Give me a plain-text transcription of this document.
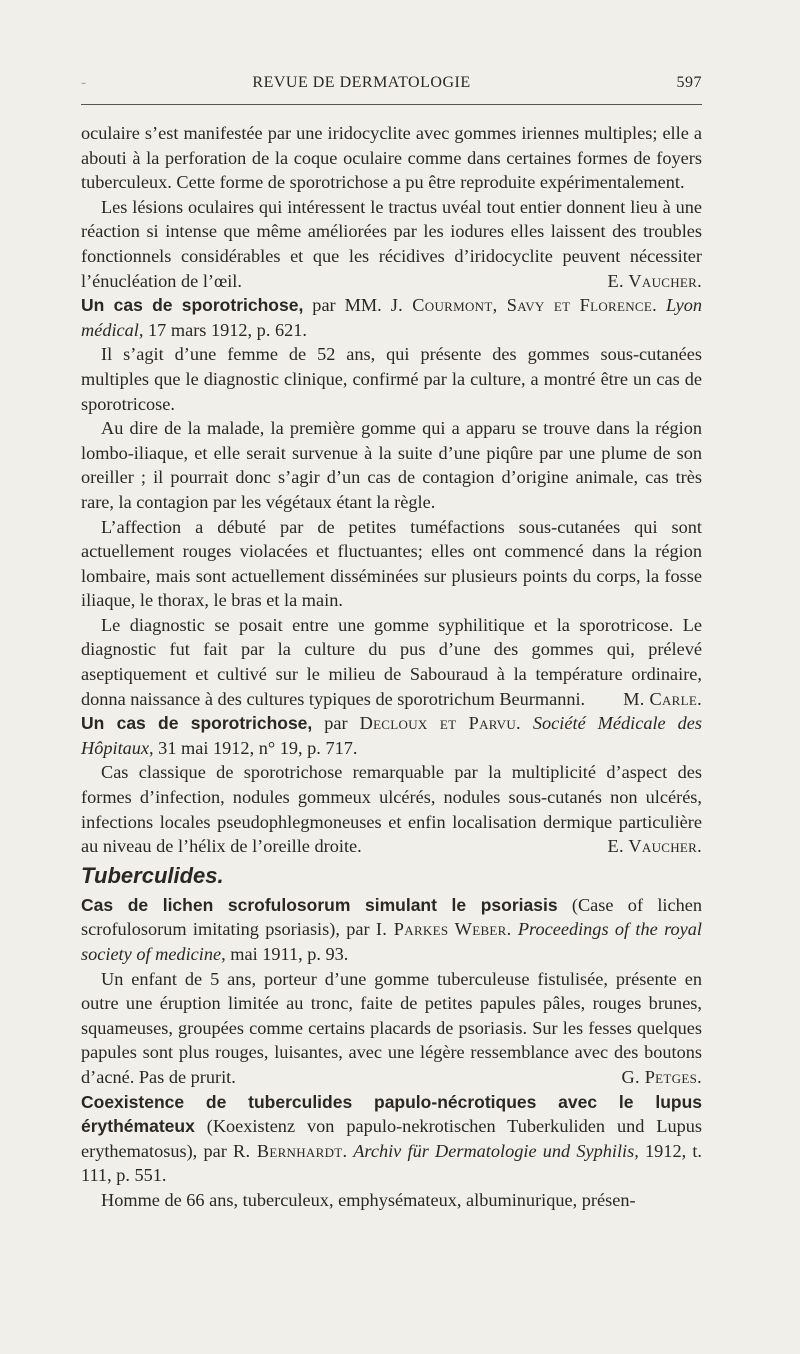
-	REVUE DE DERMATOLOGIE	597

oculaire s’est manifestée par une iridocyclite avec gommes iriennes multiples; elle a abouti à la perforation de la coque oculaire comme dans certaines formes de foyers tuberculeux. Cette forme de sporotrichose a pu être reproduite expérimentalement.

Les lésions oculaires qui intéressent le tractus uvéal tout entier donnent lieu à une réaction si intense que même améliorées par les iodures elles laissent des troubles fonctionnels considérables et que les récidives d’iridocyclite peuvent nécessiter l’énucléation de l’œil.	E. Vaucher.

Un cas de sporotrichose, par MM. J. Courmont, Savy et Florence. Lyon médical, 17 mars 1912, p. 621.

Il s’agit d’une femme de 52 ans, qui présente des gommes sous-cutanées multiples que le diagnostic clinique, confirmé par la culture, a montré être un cas de sporotricose.

Au dire de la malade, la première gomme qui a apparu se trouve dans la région lombo-iliaque, et elle serait survenue à la suite d’une piqûre par une plume de son oreiller ; il pourrait donc s’agir d’un cas de contagion d’origine animale, cas très rare, la contagion par les végétaux étant la règle.

L’affection a débuté par de petites tuméfactions sous-cutanées qui sont actuellement rouges violacées et fluctuantes; elles ont commencé dans la région lombaire, mais sont actuellement disséminées sur plusieurs points du corps, la fosse iliaque, le thorax, le bras et la main.

Le diagnostic se posait entre une gomme syphilitique et la sporotricose. Le diagnostic fut fait par la culture du pus d’une des gommes qui, prélevé aseptiquement et cultivé sur le milieu de Sabouraud à la température ordinaire, donna naissance à des cultures typiques de sporotrichum Beurmanni.	M. Carle.

Un cas de sporotrichose, par Decloux et Parvu. Société Médicale des Hôpitaux, 31 mai 1912, n° 19, p. 717.

Cas classique de sporotrichose remarquable par la multiplicité d’aspect des formes d’infection, nodules gommeux ulcérés, nodules sous-cutanés non ulcérés, infections locales pseudophlegmoneuses et enfin localisation dermique particulière au niveau de l’hélix de l’oreille droite.	E. Vaucher.

Tuberculides.

Cas de lichen scrofulosorum simulant le psoriasis (Case of lichen scrofulosorum imitating psoriasis), par I. Parkes Weber. Proceedings of the royal society of medicine, mai 1911, p. 93.

Un enfant de 5 ans, porteur d’une gomme tuberculeuse fistulisée, présente en outre une éruption limitée au tronc, faite de petites papules pâles, rouges brunes, squameuses, groupées comme certains placards de psoriasis. Sur les fesses quelques papules sont plus rouges, luisantes, avec une légère ressemblance avec des boutons d’acné. Pas de prurit.	G. Petges.

Coexistence de tuberculides papulo-nécrotiques avec le lupus érythémateux (Koexistenz von papulo-nekrotischen Tuberkuliden und Lupus erythematosus), par R. Bernhardt. Archiv für Dermatologie und Syphilis, 1912, t. 111, p. 551.

Homme de 66 ans, tuberculeux, emphysémateux, albuminurique, présen-
